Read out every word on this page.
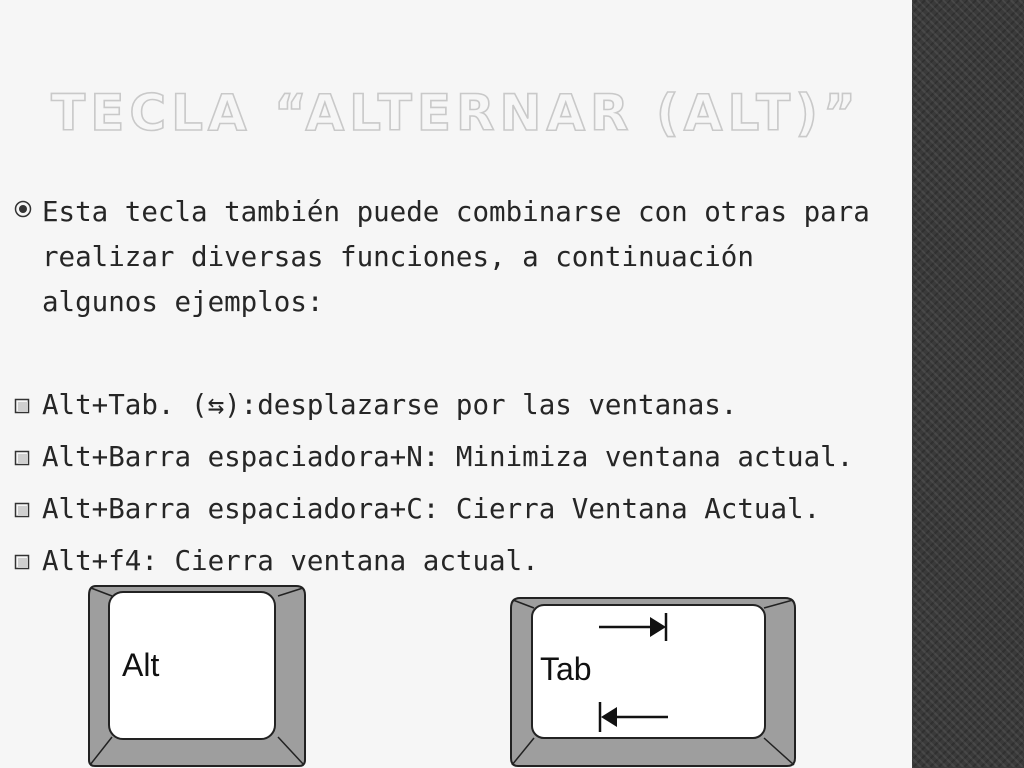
TECLA “ALTERNAR (ALT)”
Esta tecla también puede combinarse con otras para realizar diversas funciones, a continuación algunos ejemplos:
Alt+Tab. (⇆):desplazarse por las ventanas.
Alt+Barra espaciadora+N: Minimiza ventana actual.
Alt+Barra espaciadora+C: Cierra Ventana Actual.
Alt+f4: Cierra ventana actual.
Alt	Tab
